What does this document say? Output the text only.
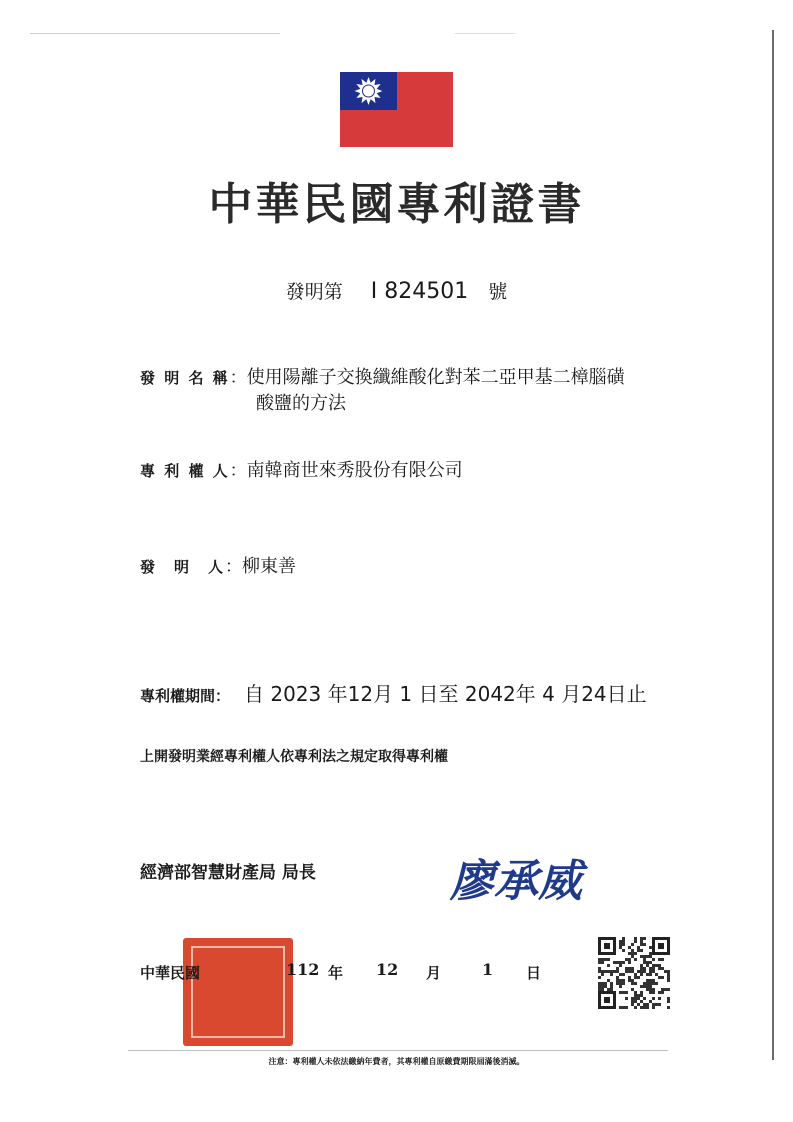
中華民國專利證書
發明第 I 824501 號
發 明 名 稱：使用陽離子交換纖維酸化對苯二亞甲基二樟腦磺
酸鹽的方法
專 利 權 人：南韓商世來秀股份有限公司
發　明　人：柳東善
專利權期間： 自 2023 年12月 1 日至 2042年 4 月24日止
上開發明業經專利權人依專利法之規定取得專利權
經濟部智慧財產局 局長	廖承威
中華民國	112 年 12 月	1 日
注意：專利權人未依法繳納年費者，其專利權自原繳費期限屆滿後消滅。
